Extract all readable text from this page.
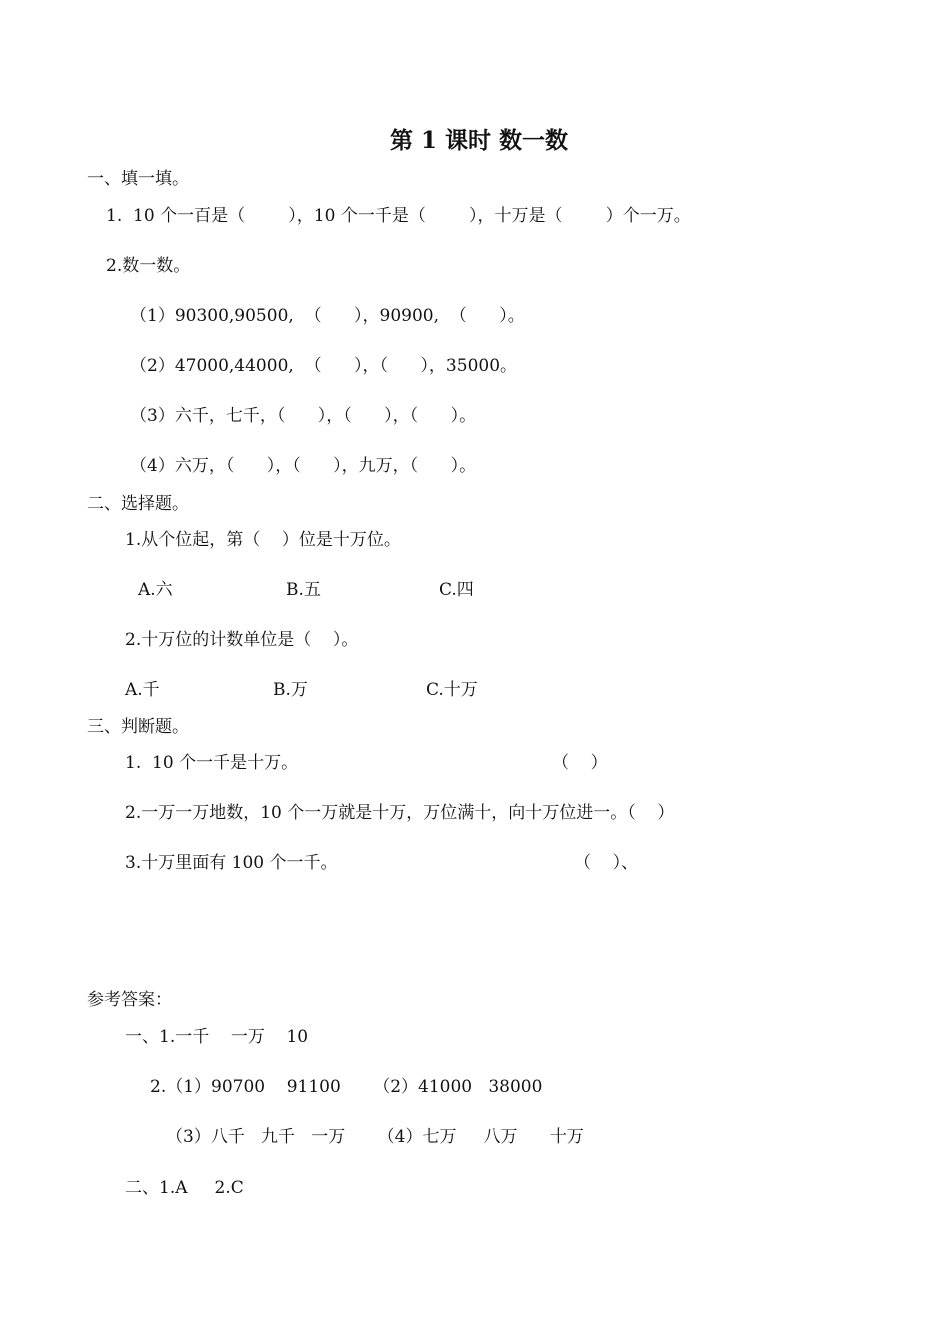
第 1 课时 数一数
一、填一填。
1.  10 个一百是（        ），10 个一千是（        ），十万是（        ）个一万。
2.数一数。
（1）90300,90500,  （      ），90900,  （      ）。
（2）47000,44000,  （      ），（      ），35000。
（3）六千，七千，（      ），（      ），（      ）。
（4）六万，（      ），（      ），九万，（      ）。
二、选择题。
1.从个位起，第（    ）位是十万位。
A.六	B.五	C.四
2.十万位的计数单位是（    ）。
A.千	B.万	C.十万
三、判断题。
1.  10 个一千是十万。	（    ）
2.一万一万地数，10 个一万就是十万，万位满十，向十万位进一。（    ）
3.十万里面有 100 个一千。	（    ）、
参考答案：
一、1.一千    一万    10
2.（1）90700    91100      （2）41000   38000
（3）八千   九千   一万      （4）七万     八万      十万
二、1.A     2.C
